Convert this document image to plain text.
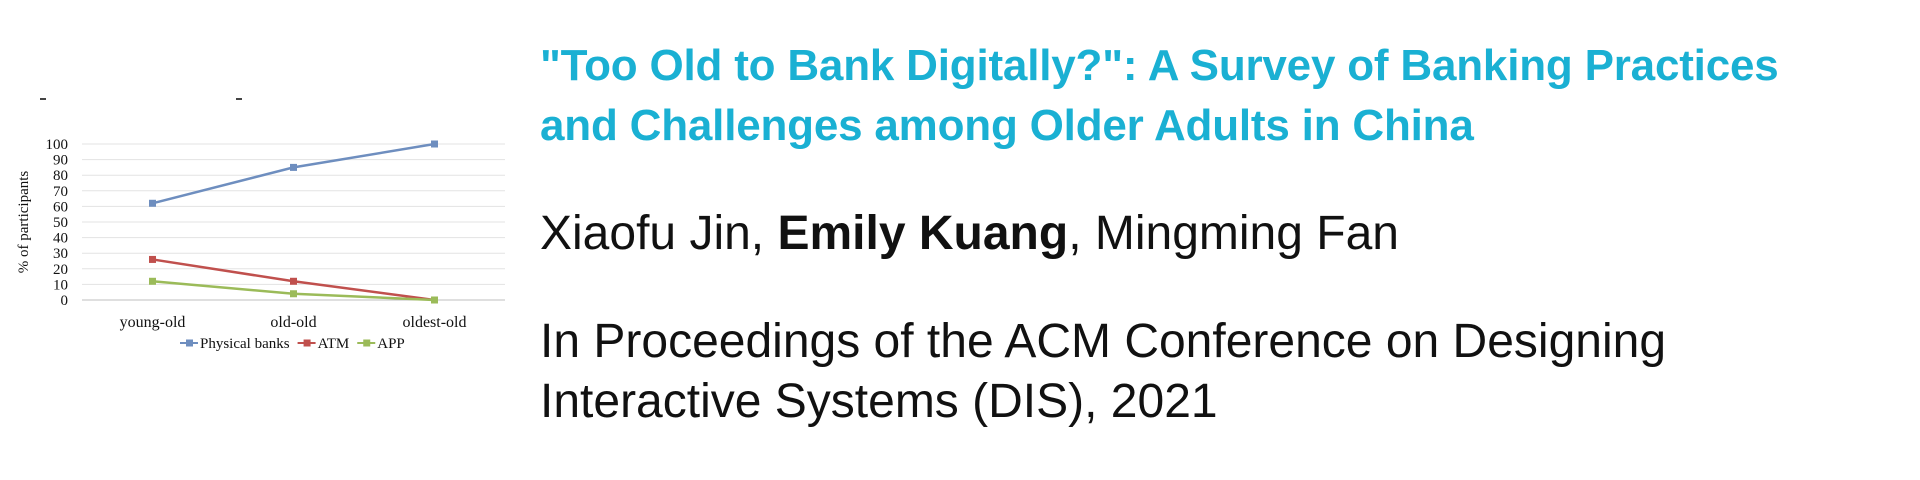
0
10
20
30
40
50
60
70
80
90
100
% of participants
young-old	old-old	oldest-old
Physical banks ATM APP
"Too Old to Bank Digitally?": A Survey of Banking Practices
and Challenges among Older Adults in China

Xiaofu Jin, Emily Kuang, Mingming Fan

In Proceedings of the ACM Conference on Designing
Interactive Systems (DIS), 2021
